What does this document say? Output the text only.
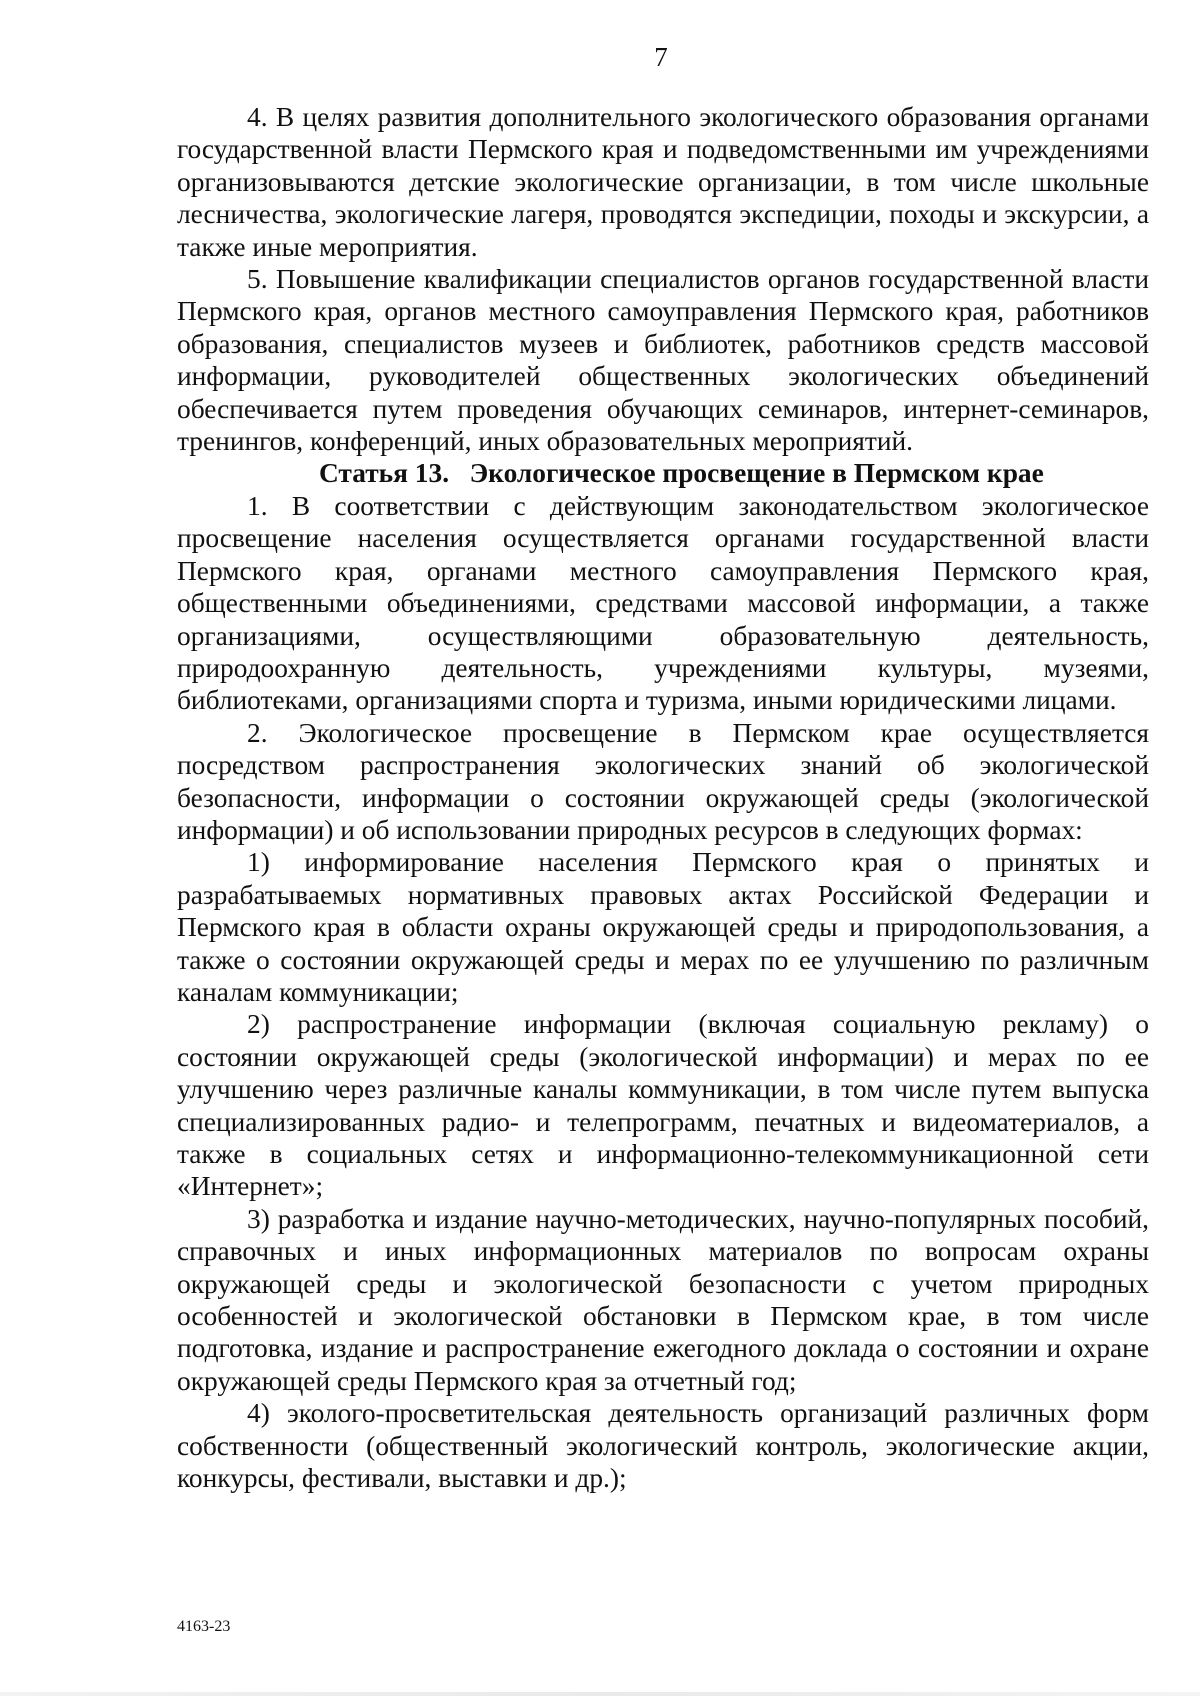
7

4. В целях развития дополнительного экологического образования органами государственной власти Пермского края и подведомственными им учреждениями организовываются детские экологические организации, в том числе школьные лесничества, экологические лагеря, проводятся экспедиции, походы и экскурсии, а также иные мероприятия.

5. Повышение квалификации специалистов органов государственной власти Пермского края, органов местного самоуправления Пермского края, работников образования, специалистов музеев и библиотек, работников средств массовой информации, руководителей общественных экологических объединений обеспечивается путем проведения обучающих семинаров, интернет-семинаров, тренингов, конференций, иных образовательных мероприятий.

Статья 13.   Экологическое просвещение в Пермском крае

1. В соответствии с действующим законодательством экологическое просвещение населения осуществляется органами государственной власти Пермского края, органами местного самоуправления Пермского края, общественными объединениями, средствами массовой информации, а также организациями, осуществляющими образовательную деятельность, природоохранную деятельность, учреждениями культуры, музеями, библиотеками, организациями спорта и туризма, иными юридическими лицами.

2. Экологическое просвещение в Пермском крае осуществляется посредством распространения экологических знаний об экологической безопасности, информации о состоянии окружающей среды (экологической информации) и об использовании природных ресурсов в следующих формах:

1) информирование населения Пермского края о принятых и разрабатываемых нормативных правовых актах Российской Федерации и Пермского края в области охраны окружающей среды и природопользования, а также о состоянии окружающей среды и мерах по ее улучшению по различным каналам коммуникации;

2) распространение информации (включая социальную рекламу) о состоянии окружающей среды (экологической информации) и мерах по ее улучшению через различные каналы коммуникации, в том числе путем выпуска специализированных радио- и телепрограмм, печатных и видеоматериалов, а также в социальных сетях и информационно-телекоммуникационной сети «Интернет»;

3) разработка и издание научно-методических, научно-популярных пособий, справочных и иных информационных материалов по вопросам охраны окружающей среды и экологической безопасности с учетом природных особенностей и экологической обстановки в Пермском крае, в том числе подготовка, издание и распространение ежегодного доклада о состоянии и охране окружающей среды Пермского края за отчетный год;

4) эколого-просветительская деятельность организаций различных форм собственности (общественный экологический контроль, экологические акции, конкурсы, фестивали, выставки и др.);

4163-23
